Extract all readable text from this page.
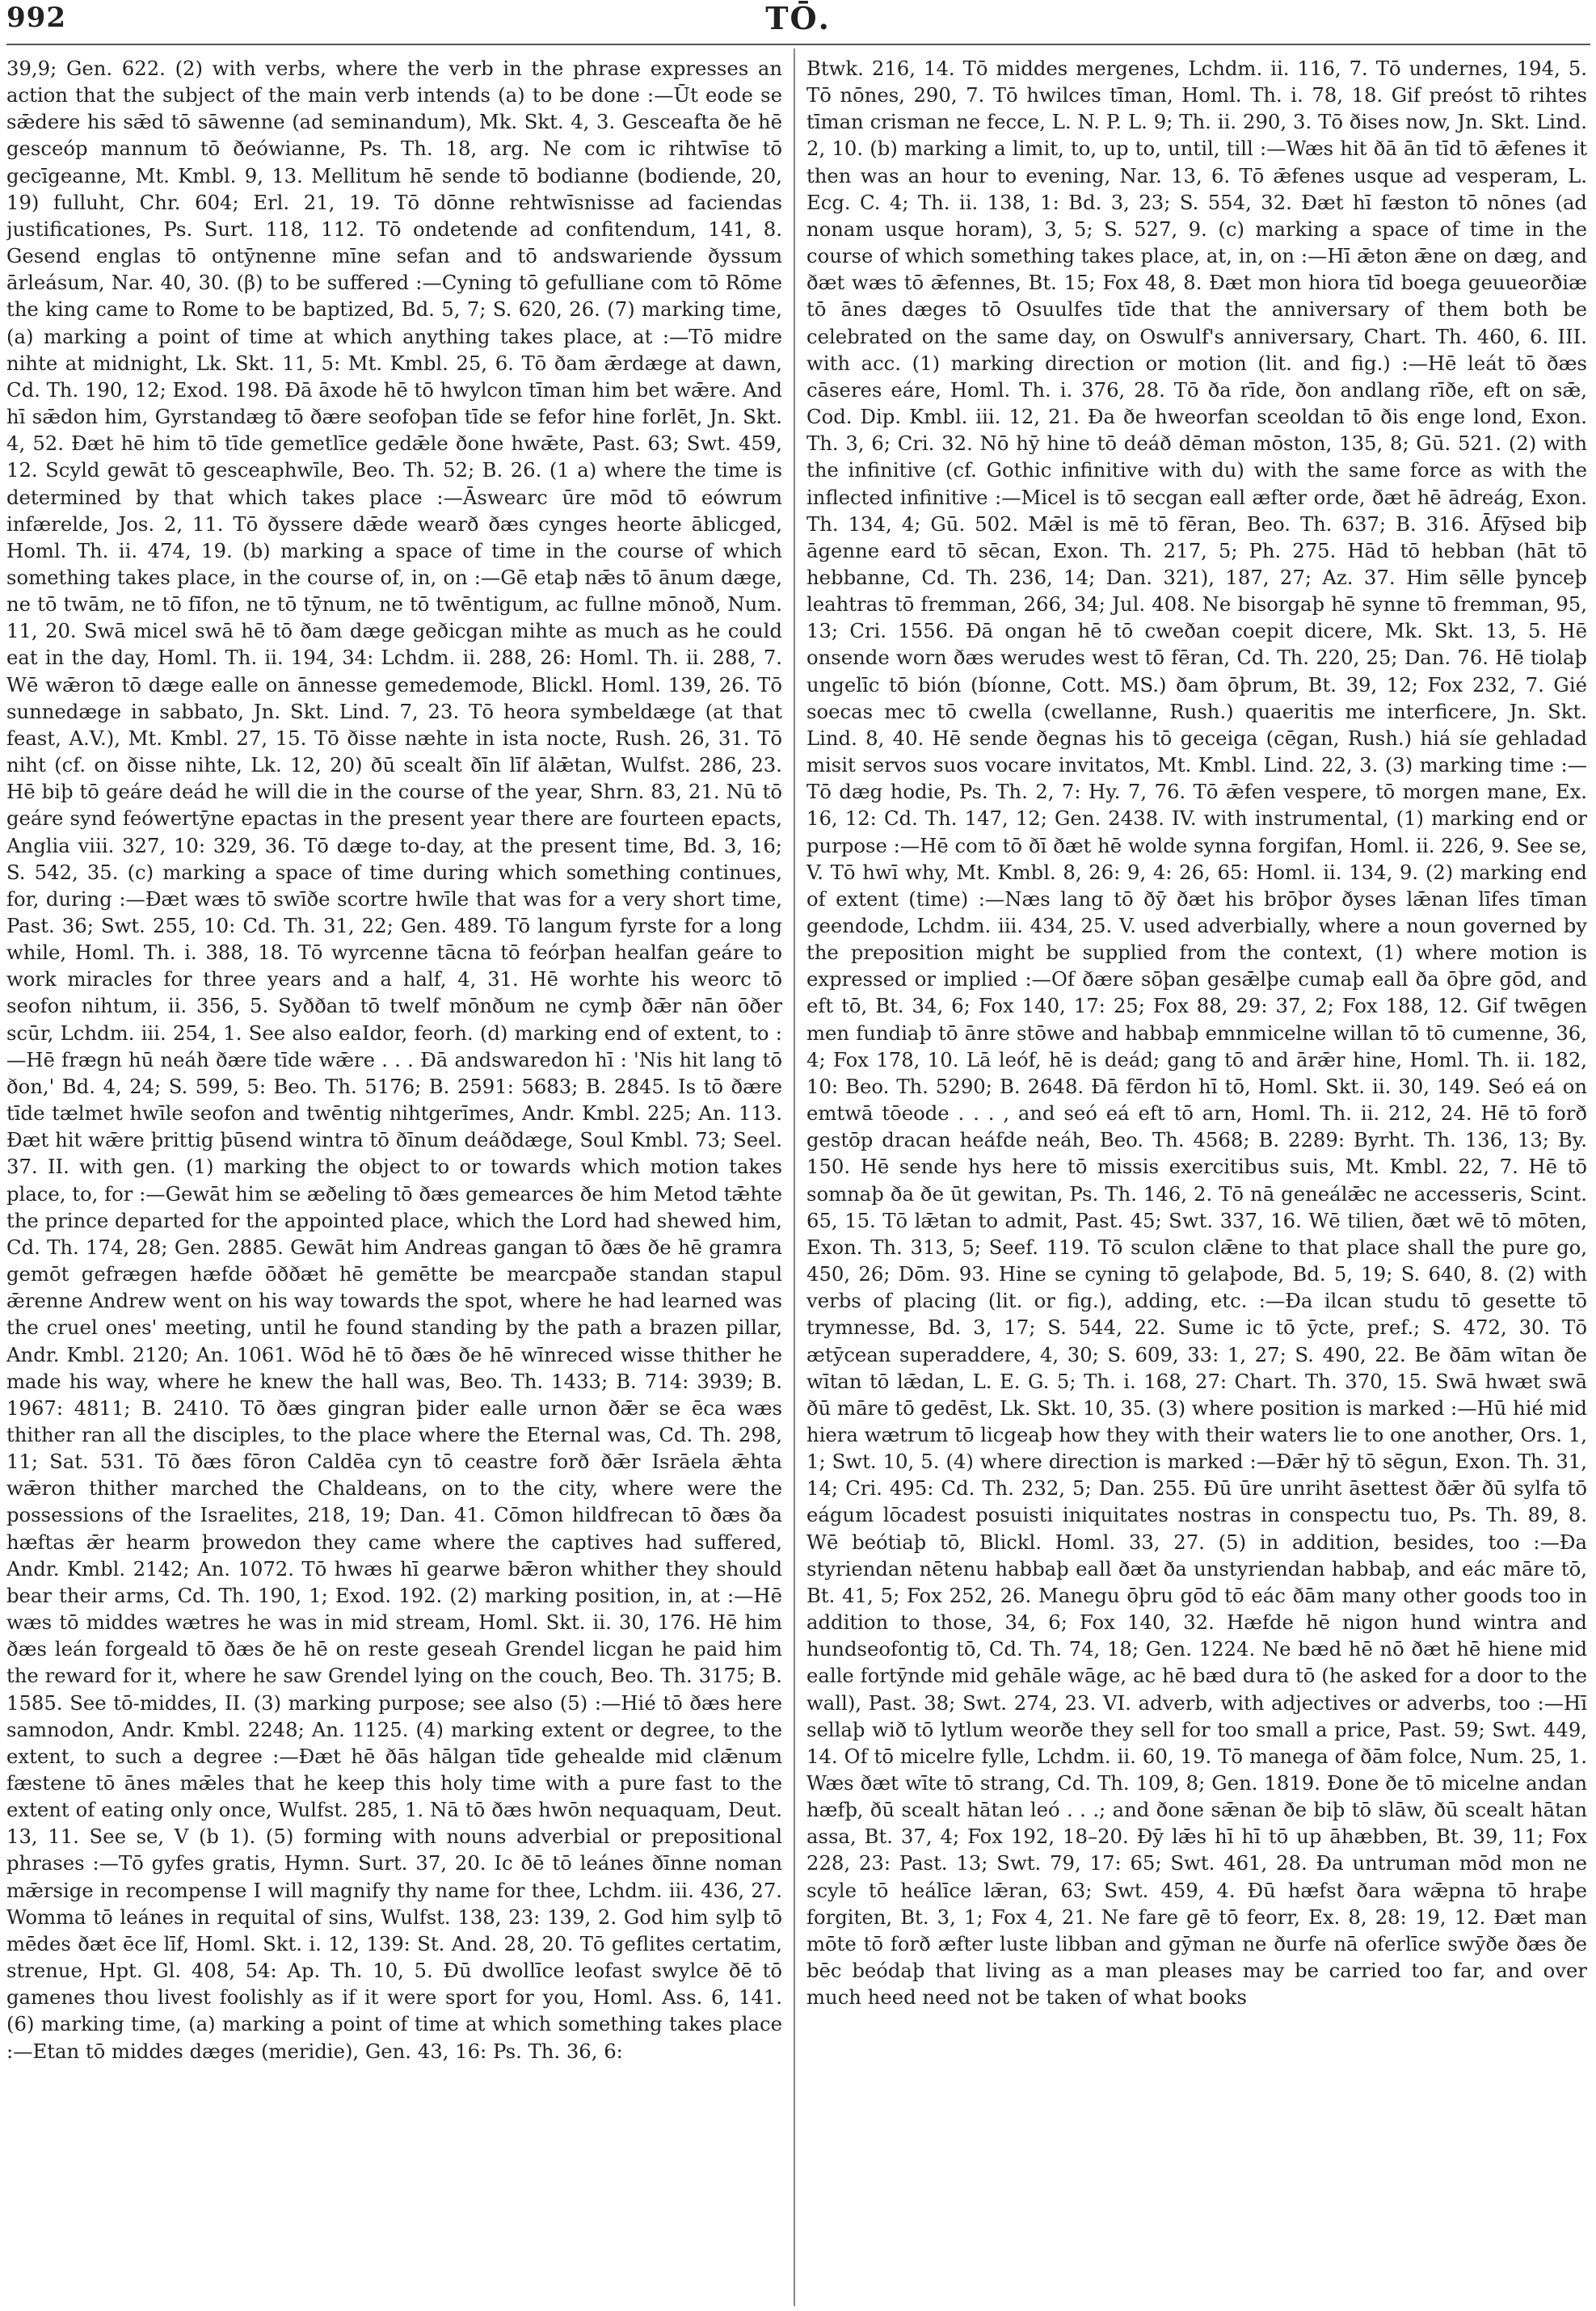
992	TŌ.

39,9; Gen. 622. (2) with verbs, where the verb in the phrase expresses an action that the subject of the main verb intends (a) to be done :—Ūt eode se sǣdere his sǣd tō sāwenne (ad seminandum), Mk. Skt. 4, 3. Gesceafta ðe hē gesceóp mannum tō ðeówianne, Ps. Th. 18, arg. Ne com ic rihtwīse tō gecīgeanne, Mt. Kmbl. 9, 13. Mellitum hē sende tō bodianne (bodiende, 20, 19) fulluht, Chr. 604; Erl. 21, 19. Tō dōnne rehtwīsnisse ad faciendas justificationes, Ps. Surt. 118, 112. Tō ondetende ad confitendum, 141, 8. Gesend englas tō ontȳnenne mīne sefan and tō andswariende ðyssum ārleásum, Nar. 40, 30. (β) to be suffered :—Cyning tō gefulliane com tō Rōme the king came to Rome to be baptized, Bd. 5, 7; S. 620, 26. (7) marking time, (a) marking a point of time at which anything takes place, at :—Tō midre nihte at midnight, Lk. Skt. 11, 5: Mt. Kmbl. 25, 6. Tō ðam ǣrdæge at dawn, Cd. Th. 190, 12; Exod. 198. Ðā āxode hē tō hwylcon tīman him bet wǣre. And hī sǣdon him, Gyrstandæg tō ðære seofoþan tīde se fefor hine forlēt, Jn. Skt. 4, 52. Ðæt hē him tō tīde gemetlīce gedǣle ðone hwǣte, Past. 63; Swt. 459, 12. Scyld gewāt tō gesceaphwīle, Beo. Th. 52; B. 26. (1 a) where the time is determined by that which takes place :—Āswearc ūre mōd tō eówrum infærelde, Jos. 2, 11. Tō ðyssere dǣde wearð ðæs cynges heorte āblicged, Homl. Th. ii. 474, 19. (b) marking a space of time in the course of which something takes place, in the course of, in, on :—Gē etaþ nǣs tō ānum dæge, ne tō twām, ne tō fīfon, ne tō tȳnum, ne tō twēntigum, ac fullne mōnoð, Num. 11, 20. Swā micel swā hē tō ðam dæge geðicgan mihte as much as he could eat in the day, Homl. Th. ii. 194, 34: Lchdm. ii. 288, 26: Homl. Th. ii. 288, 7. Wē wǣron tō dæge ealle on ānnesse gemedemode, Blickl. Homl. 139, 26. Tō sunnedæge in sabbato, Jn. Skt. Lind. 7, 23. Tō heora symbeldæge (at that feast, A.V.), Mt. Kmbl. 27, 15. Tō ðisse næhte in ista nocte, Rush. 26, 31. Tō niht (cf. on ðisse nihte, Lk. 12, 20) ðū scealt ðīn līf ālǣtan, Wulfst. 286, 23. Hē biþ tō geáre deád he will die in the course of the year, Shrn. 83, 21. Nū tō geáre synd feówertȳne epactas in the present year there are fourteen epacts, Anglia viii. 327, 10: 329, 36. Tō dæge to-day, at the present time, Bd. 3, 16; S. 542, 35. (c) marking a space of time during which something continues, for, during :—Ðæt wæs tō swīðe scortre hwīle that was for a very short time, Past. 36; Swt. 255, 10: Cd. Th. 31, 22; Gen. 489. Tō langum fyrste for a long while, Homl. Th. i. 388, 18. Tō wyrcenne tācna tō feórþan healfan geáre to work miracles for three years and a half, 4, 31. Hē worhte his weorc tō seofon nihtum, ii. 356, 5. Syððan tō twelf mōnðum ne cymþ ðǣr nān ōðer scūr, Lchdm. iii. 254, 1. See also eaIdor, feorh. (d) marking end of extent, to :—Hē frægn hū neáh ðære tīde wǣre . . . Ðā andswaredon hī : 'Nis hit lang tō ðon,' Bd. 4, 24; S. 599, 5: Beo. Th. 5176; B. 2591: 5683; B. 2845. Is tō ðære tīde tælmet hwīle seofon and twēntig nihtgerīmes, Andr. Kmbl. 225; An. 113. Ðæt hit wǣre þrittig þūsend wintra tō ðīnum deáðdæge, Soul Kmbl. 73; Seel. 37. II. with gen. (1) marking the object to or towards which motion takes place, to, for :—Gewāt him se æðeling tō ðæs gemearces ðe him Metod tǣhte the prince departed for the appointed place, which the Lord had shewed him, Cd. Th. 174, 28; Gen. 2885. Gewāt him Andreas gangan tō ðæs ðe hē gramra gemōt gefrægen hæfde ōððæt hē gemētte be mearcpaðe standan stapul ǣrenne Andrew went on his way towards the spot, where he had learned was the cruel ones' meeting, until he found standing by the path a brazen pillar, Andr. Kmbl. 2120; An. 1061. Wōd hē tō ðæs ðe hē wīnreced wisse thither he made his way, where he knew the hall was, Beo. Th. 1433; B. 714: 3939; B. 1967: 4811; B. 2410. Tō ðæs gingran þider ealle urnon ðǣr se ēca wæs thither ran all the disciples, to the place where the Eternal was, Cd. Th. 298, 11; Sat. 531. Tō ðæs fōron Caldēa cyn tō ceastre forð ðǣr Isrāela ǣhta wǣron thither marched the Chaldeans, on to the city, where were the possessions of the Israelites, 218, 19; Dan. 41. Cōmon hildfrecan tō ðæs ða hæftas ǣr hearm þrowedon they came where the captives had suffered, Andr. Kmbl. 2142; An. 1072. Tō hwæs hī gearwe bǣron whither they should bear their arms, Cd. Th. 190, 1; Exod. 192. (2) marking position, in, at :—Hē wæs tō middes wætres he was in mid stream, Homl. Skt. ii. 30, 176. Hē him ðæs leán forgeald tō ðæs ðe hē on reste geseah Grendel licgan he paid him the reward for it, where he saw Grendel lying on the couch, Beo. Th. 3175; B. 1585. See tō-middes, II. (3) marking purpose; see also (5) :—Hié tō ðæs here samnodon, Andr. Kmbl. 2248; An. 1125. (4) marking extent or degree, to the extent, to such a degree :—Ðæt hē ðās hālgan tīde gehealde mid clǣnum fæstene tō ānes mǣles that he keep this holy time with a pure fast to the extent of eating only once, Wulfst. 285, 1. Nā tō ðæs hwōn nequaquam, Deut. 13, 11. See se, V (b 1). (5) forming with nouns adverbial or prepositional phrases :—Tō gyfes gratis, Hymn. Surt. 37, 20. Ic ðē tō leánes ðīnne noman mǣrsige in recompense I will magnify thy name for thee, Lchdm. iii. 436, 27. Womma tō leánes in requital of sins, Wulfst. 138, 23: 139, 2. God him sylþ tō mēdes ðæt ēce līf, Homl. Skt. i. 12, 139: St. And. 28, 20. Tō geflites certatim, strenue, Hpt. Gl. 408, 54: Ap. Th. 10, 5. Ðū dwollīce leofast swylce ðē tō gamenes thou livest foolishly as if it were sport for you, Homl. Ass. 6, 141. (6) marking time, (a) marking a point of time at which something takes place :—Etan tō middes dæges (meridie), Gen. 43, 16: Ps. Th. 36, 6:

Btwk. 216, 14. Tō middes mergenes, Lchdm. ii. 116, 7. Tō undernes, 194, 5. Tō nōnes, 290, 7. Tō hwilces tīman, Homl. Th. i. 78, 18. Gif preóst tō rihtes tīman crisman ne fecce, L. N. P. L. 9; Th. ii. 290, 3. Tō ðises now, Jn. Skt. Lind. 2, 10. (b) marking a limit, to, up to, until, till :—Wæs hit ðā ān tīd tō ǣfenes it then was an hour to evening, Nar. 13, 6. Tō ǣfenes usque ad vesperam, L. Ecg. C. 4; Th. ii. 138, 1: Bd. 3, 23; S. 554, 32. Ðæt hī fæston tō nōnes (ad nonam usque horam), 3, 5; S. 527, 9. (c) marking a space of time in the course of which something takes place, at, in, on :—Hī ǣton ǣne on dæg, and ðæt wæs tō ǣfennes, Bt. 15; Fox 48, 8. Ðæt mon hiora tīd boega geuueorðiæ tō ānes dæges tō Osuulfes tīde that the anniversary of them both be celebrated on the same day, on Oswulf's anniversary, Chart. Th. 460, 6. III. with acc. (1) marking direction or motion (lit. and fig.) :—Hē leát tō ðæs cāseres eáre, Homl. Th. i. 376, 28. Tō ða rīde, ðon andlang rīðe, eft on sǣ, Cod. Dip. Kmbl. iii. 12, 21. Ða ðe hweorfan sceoldan tō ðis enge lond, Exon. Th. 3, 6; Cri. 32. Nō hȳ hine tō deáð dēman mōston, 135, 8; Gū. 521. (2) with the infinitive (cf. Gothic infinitive with du) with the same force as with the inflected infinitive :—Micel is tō secgan eall æfter orde, ðæt hē ādreág, Exon. Th. 134, 4; Gū. 502. Mǣl is mē tō fēran, Beo. Th. 637; B. 316. Āfȳsed biþ āgenne eard tō sēcan, Exon. Th. 217, 5; Ph. 275. Hād tō hebban (hāt tō hebbanne, Cd. Th. 236, 14; Dan. 321), 187, 27; Az. 37. Him sēlle þynceþ leahtras tō fremman, 266, 34; Jul. 408. Ne bisorgaþ hē synne tō fremman, 95, 13; Cri. 1556. Ðā ongan hē tō cweðan coepit dicere, Mk. Skt. 13, 5. Hē onsende worn ðæs werudes west tō fēran, Cd. Th. 220, 25; Dan. 76. Hē tiolaþ ungelīc tō bión (bíonne, Cott. MS.) ðam ōþrum, Bt. 39, 12; Fox 232, 7. Gié soecas mec tō cwella (cwellanne, Rush.) quaeritis me interficere, Jn. Skt. Lind. 8, 40. Hē sende ðegnas his tō geceiga (cēgan, Rush.) hiá síe gehladad misit servos suos vocare invitatos, Mt. Kmbl. Lind. 22, 3. (3) marking time :—Tō dæg hodie, Ps. Th. 2, 7: Hy. 7, 76. Tō ǣfen vespere, tō morgen mane, Ex. 16, 12: Cd. Th. 147, 12; Gen. 2438. IV. with instrumental, (1) marking end or purpose :—Hē com tō ðī ðæt hē wolde synna forgifan, Homl. ii. 226, 9. See se, V. Tō hwī why, Mt. Kmbl. 8, 26: 9, 4: 26, 65: Homl. ii. 134, 9. (2) marking end of extent (time) :—Næs lang tō ðȳ ðæt his brōþor ðyses lǣnan līfes tīman geendode, Lchdm. iii. 434, 25. V. used adverbially, where a noun governed by the preposition might be supplied from the context, (1) where motion is expressed or implied :—Of ðære sōþan gesǣlþe cumaþ eall ða ōþre gōd, and eft tō, Bt. 34, 6; Fox 140, 17: 25; Fox 88, 29: 37, 2; Fox 188, 12. Gif twēgen men fundiaþ tō ānre stōwe and habbaþ emnmicelne willan tō tō cumenne, 36, 4; Fox 178, 10. Lā leóf, hē is deád; gang tō and ārǣr hine, Homl. Th. ii. 182, 10: Beo. Th. 5290; B. 2648. Ðā fērdon hī tō, Homl. Skt. ii. 30, 149. Seó eá on emtwā tōeode . . . , and seó eá eft tō arn, Homl. Th. ii. 212, 24. Hē tō forð gestōp dracan heáfde neáh, Beo. Th. 4568; B. 2289: Byrht. Th. 136, 13; By. 150. Hē sende hys here tō missis exercitibus suis, Mt. Kmbl. 22, 7. Hē tō somnaþ ða ðe ūt gewitan, Ps. Th. 146, 2. Tō nā geneálǣc ne accesseris, Scint. 65, 15. Tō lǣtan to admit, Past. 45; Swt. 337, 16. Wē tilien, ðæt wē tō mōten, Exon. Th. 313, 5; Seef. 119. Tō sculon clǣne to that place shall the pure go, 450, 26; Dōm. 93. Hine se cyning tō gelaþode, Bd. 5, 19; S. 640, 8. (2) with verbs of placing (lit. or fig.), adding, etc. :—Ða ilcan studu tō gesette tō trymnesse, Bd. 3, 17; S. 544, 22. Sume ic tō ȳcte, pref.; S. 472, 30. Tō ætȳcean superaddere, 4, 30; S. 609, 33: 1, 27; S. 490, 22. Be ðām wītan ðe wītan tō lǣdan, L. E. G. 5; Th. i. 168, 27: Chart. Th. 370, 15. Swā hwæt swā ðū māre tō gedēst, Lk. Skt. 10, 35. (3) where position is marked :—Hū hié mid hiera wætrum tō licgeaþ how they with their waters lie to one another, Ors. 1, 1; Swt. 10, 5. (4) where direction is marked :—Ðǣr hȳ tō sēgun, Exon. Th. 31, 14; Cri. 495: Cd. Th. 232, 5; Dan. 255. Ðū ūre unriht āsettest ðǣr ðū sylfa tō eágum lōcadest posuisti iniquitates nostras in conspectu tuo, Ps. Th. 89, 8. Wē beótiaþ tō, Blickl. Homl. 33, 27. (5) in addition, besides, too :—Ða styriendan nētenu habbaþ eall ðæt ða unstyriendan habbaþ, and eác māre tō, Bt. 41, 5; Fox 252, 26. Manegu ōþru gōd tō eác ðām many other goods too in addition to those, 34, 6; Fox 140, 32. Hæfde hē nigon hund wintra and hundseofontig tō, Cd. Th. 74, 18; Gen. 1224. Ne bæd hē nō ðæt hē hiene mid ealle fortȳnde mid gehāle wāge, ac hē bæd dura tō (he asked for a door to the wall), Past. 38; Swt. 274, 23. VI. adverb, with adjectives or adverbs, too :—Hī sellaþ wið tō lytlum weorðe they sell for too small a price, Past. 59; Swt. 449, 14. Of tō micelre fylle, Lchdm. ii. 60, 19. Tō manega of ðām folce, Num. 25, 1. Wæs ðæt wīte tō strang, Cd. Th. 109, 8; Gen. 1819. Ðone ðe tō micelne andan hæfþ, ðū scealt hātan leó . . .; and ðone sǣnan ðe biþ tō slāw, ðū scealt hātan assa, Bt. 37, 4; Fox 192, 18–20. Ðȳ lǣs hī hī tō up āhæbben, Bt. 39, 11; Fox 228, 23: Past. 13; Swt. 79, 17: 65; Swt. 461, 28. Ða untruman mōd mon ne scyle tō heálīce lǣran, 63; Swt. 459, 4. Ðū hæfst ðara wǣpna tō hraþe forgiten, Bt. 3, 1; Fox 4, 21. Ne fare gē tō feorr, Ex. 8, 28: 19, 12. Ðæt man mōte tō forð æfter luste libban and gȳman ne ðurfe nā oferlīce swȳðe ðæs ðe bēc beódaþ that living as a man pleases may be carried too far, and over much heed need not be taken of what books
